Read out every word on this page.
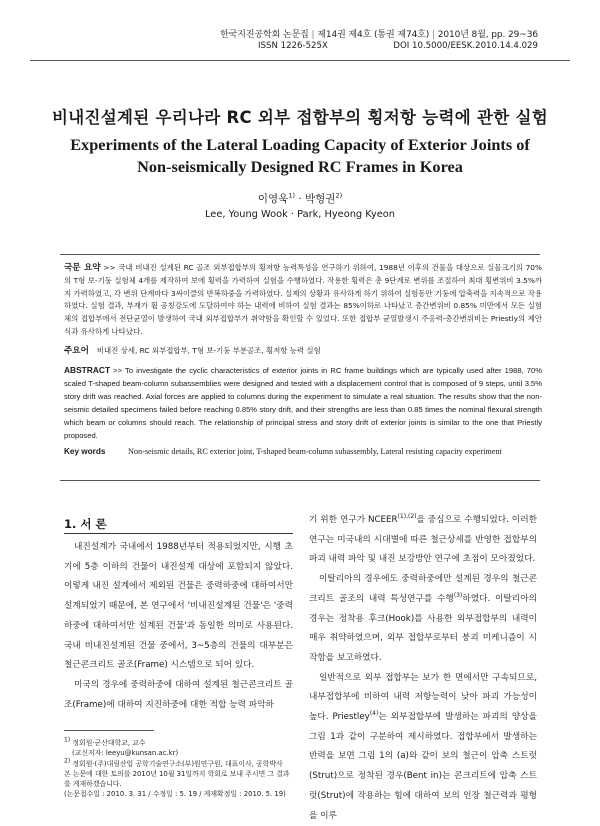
한국지진공학회 논문집 | 제14권 제4호 (통권 제74호) | 2010년 8월, pp. 29~36
ISSN 1226-525X	DOI 10.5000/EESK.2010.14.4.029
비내진설계된 우리나라 RC 외부 접합부의 횡저항 능력에 관한 실험
Experiments of the Lateral Loading Capacity of Exterior Joints of
Non-seismically Designed RC Frames in Korea
이영욱$^{1)}$ · 박형권$^{2)}$
Lee, Young Wook · Park, Hyeong Kyeon
국문 요약 >> 국내 비내진 설계된 RC 골조 외부접합부의 횡저항 능력특성을 연구하기 위하여, 1988년 이후의 건물을 대상으로 실물크기의 70%의 T형 보-기둥 실험체 4개를 제작하여 보에 횡력을 가력하여 실험을 수행하였다. 작용한 횡력은 총 9단계로 변위를 조절하여 최대 횡변위비 3.5%까지 가력하였고, 각 변위 단계마다 3싸이클의 반복하중을 가력하였다. 실제의 상황과 유사하게 하기 위하여 실험동안 기둥에 압축력을 지속적으로 작용하였다. 실험 결과, 부재가 휨 공칭강도에 도달하여야 하는 내력에 비하여 실험 결과는 85%이하로 나타났고 층간변위비 0.85% 미만에서 모든 실험체의 접합부에서 전단균열이 발생하여 국내 외부접합부가 취약함을 확인할 수 있었다. 또한 접합부 균열발생시 주응력-층간변위비는 Priestly의 제안식과 유사하게 나타났다.
주요어 비내진 상세, RC 외부접합부, T형 보-기둥 부분골조, 횡저항 능력 실험
ABSTRACT >> To investigate the cyclic characteristics of exterior joints in RC frame buildings which are typically used after 1988, 70% scaled T-shaped beam-column subassemblies were designed and tested with a displacement control that is composed of 9 steps, until 3.5% story drift was reached. Axial forces are applied to columns during the experiment to simulate a real situation. The results show that the non-seismic detailed specimens failed before reaching 0.85% story drift, and their strengths are less than 0.85 times the nominal flexural strength which beam or columns should reach. The relationship of principal stress and story drift of exterior joints is similar to the one that Priestly proposed.
Key words	Non-seismic details, RC exterior joint, T-shaped beam-column subassembly, Lateral resisting capacity experiment
1. 서 론

내진설계가 국내에서 1988년부터 적용되었지만, 시행 초기에 5층 이하의 건물이 내진설계 대상에 포함되지 않았다. 이렇게 내진 설계에서 제외된 건물은 중력하중에 대하여서만 설계되었기 때문에, 본 연구에서 '비내진설계된 건물'은 '중력하중에 대하여서만 설계된 건물'과 동일한 의미로 사용된다. 국내 비내진설계된 건물 중에서, 3~5층의 건물의 대부분은 철근콘크리트 골조(Frame) 시스템으로 되어 있다.

미국의 경우에 중력하중에 대하여 설계된 철근콘크리트 골조(Frame)에 대하여 지진하중에 대한 적합 능력 파악하

기 위한 연구가 $NCEER^{(1),(2)}$을 중심으로 수행되었다. 이러한 연구는 미국내의 시대별에 따른 철근상세를 반영한 접합부의 파괴 내력 파악 및 내진 보강방안 연구에 초점이 모아졌었다.

이탈리아의 경우에도 중력하중에만 설계된 경우의 철근콘크리트 골조의 내력 특성연구를 수행$^{(3)}$하였다. 이탈리아의 경우는 정착용 후크(Hook)를 사용한 외부접합부의 내력이 매우 취약하였으며, 외부 접합부로부터 붕괴 미케니즘이 시작함을 보고하였다.

일반적으로 외부 접합부는 보가 한 면에서만 구속되므로, 내부접합부에 비하여 내력 저항능력이 낮아 파괴 가능성이 높다. Priestley$^{(4)}$는 외부접합부에 발생하는 파괴의 양상을 그림 1과 같이 구분하여 제시하였다. 접합부에서 발생하는 반력을 보면 그림 1의 (a)와 같이 보의 철근이 압축 스트럿(Strut)으로 정착된 경우(Bent in)는 콘크리트에 압축 스트럿(Strut)에 작용하는 힘에 대하여 보의 인장 철근력과 평형을 이루

$^{1)}$ 정회원·군산대학교, 교수

(교신저자: leeyu@kunsan.ac.kr)

$^{2)}$ 정회원·(주)대림산업 공학기술연구소(부)원연구원, 대표이사, 공학박사

본 논문에 대한 토의를 2010년 10월 31일까지 학회로 보내 주시면 그 결과를 게재하겠습니다.

(논문접수일 : 2010. 3. 31 / 수정일 : 5. 19 / 게재확정일 : 2010. 5. 19)
